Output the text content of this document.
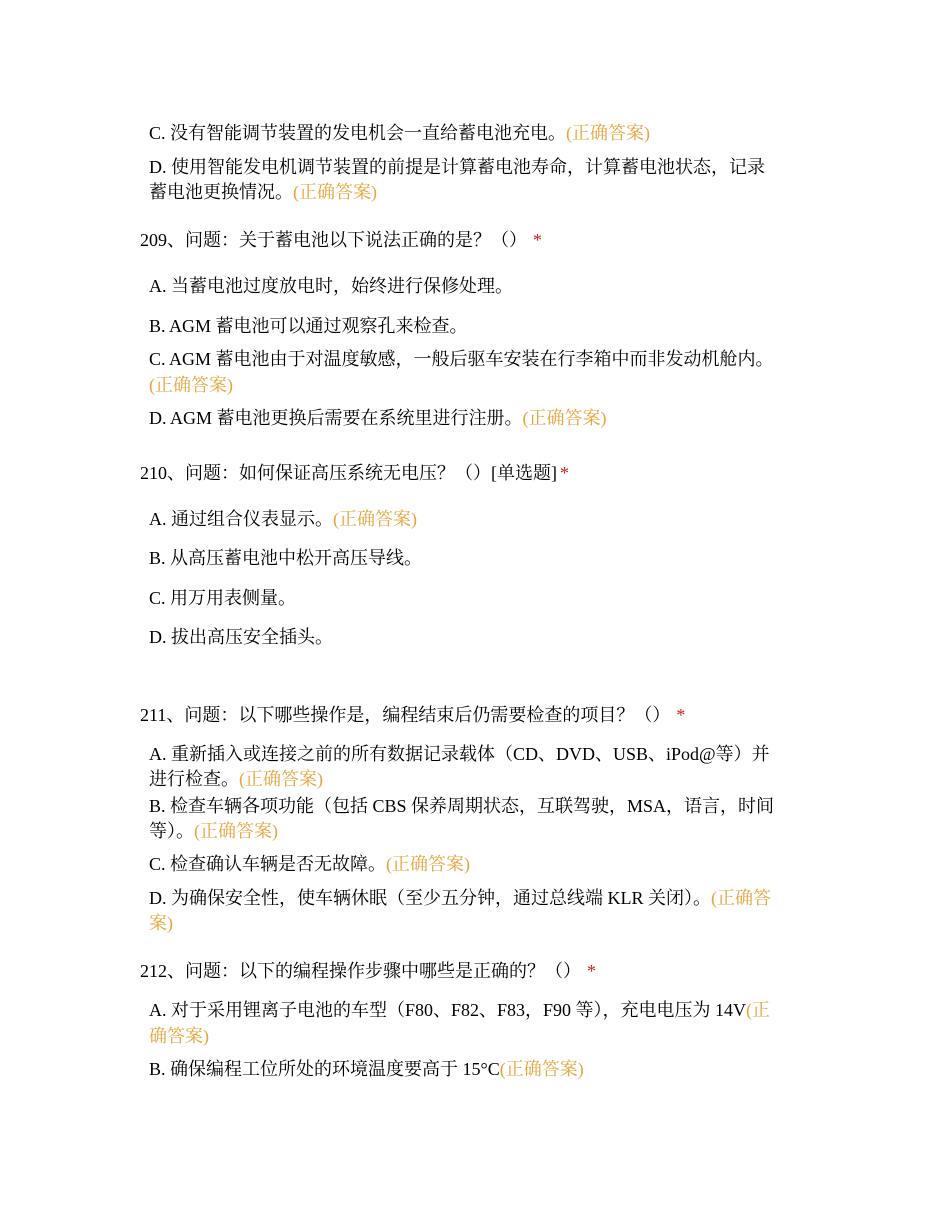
C. 没有智能调节装置的发电机会一直给蓄电池充电。(正确答案)
D. 使用智能发电机调节装置的前提是计算蓄电池寿命，计算蓄电池状态，记录
蓄电池更换情况。(正确答案)
209、问题：关于蓄电池以下说法正确的是？（） *
A. 当蓄电池过度放电时，始终进行保修处理。
B. AGM 蓄电池可以通过观察孔来检查。
C. AGM 蓄电池由于对温度敏感，一般后驱车安装在行李箱中而非发动机舱内。
(正确答案)
D. AGM 蓄电池更换后需要在系统里进行注册。(正确答案)
210、问题：如何保证高压系统无电压？（）[单选题] *
A. 通过组合仪表显示。(正确答案)
B. 从高压蓄电池中松开高压导线。
C. 用万用表侧量。
D. 拔出高压安全插头。
211、问题：以下哪些操作是，编程结束后仍需要检查的项目？（） *
A. 重新插入或连接之前的所有数据记录载体（CD、DVD、USB、iPod@等）并
进行检查。(正确答案)
B. 检查车辆各项功能（包括 CBS 保养周期状态，互联驾驶，MSA，语言，时间
等）。(正确答案)
C. 检查确认车辆是否无故障。(正确答案)
D. 为确保安全性，使车辆休眠（至少五分钟，通过总线端 KLR 关闭）。(正确答
案)
212、问题：以下的编程操作步骤中哪些是正确的？（） *
A. 对于采用锂离子电池的车型（F80、F82、F83，F90 等），充电电压为 14V(正
确答案)
B. 确保编程工位所处的环境温度要高于 15°C(正确答案)
